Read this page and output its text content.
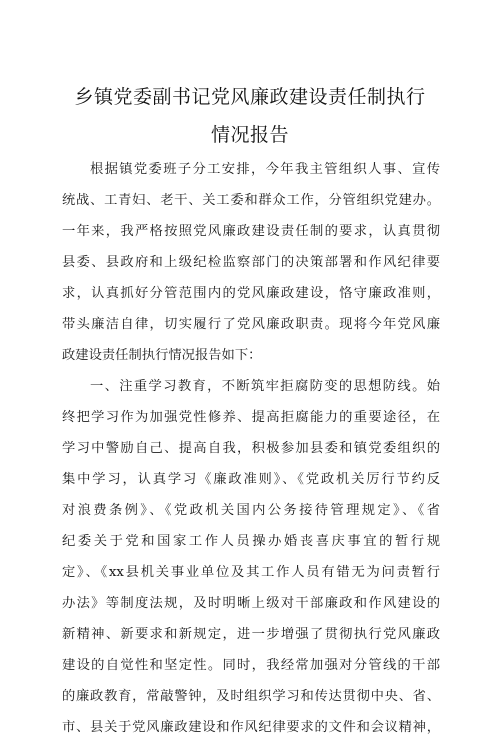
乡镇党委副书记党风廉政建设责任制执行
情况报告
根据镇党委班子分工安排，今年我主管组织人事、宣传
统战、工青妇、老干、关工委和群众工作，分管组织党建办。
一年来，我严格按照党风廉政建设责任制的要求，认真贯彻
县委、县政府和上级纪检监察部门的决策部署和作风纪律要
求，认真抓好分管范围内的党风廉政建设，恪守廉政准则，
带头廉洁自律，切实履行了党风廉政职责。现将今年党风廉
政建设责任制执行情况报告如下：
一、注重学习教育，不断筑牢拒腐防变的思想防线。始
终把学习作为加强党性修养、提高拒腐能力的重要途径，在
学习中警励自己、提高自我，积极参加县委和镇党委组织的
集中学习，认真学习《廉政准则》、《党政机关厉行节约反
对浪费条例》、《党政机关国内公务接待管理规定》、《省
纪委关于党和国家工作人员操办婚丧喜庆事宜的暂行规
定》、《xx县机关事业单位及其工作人员有错无为问责暂行
办法》等制度法规，及时明晰上级对干部廉政和作风建设的
新精神、新要求和新规定，进一步增强了贯彻执行党风廉政
建设的自觉性和坚定性。同时，我经常加强对分管线的干部
的廉政教育，常敲警钟，及时组织学习和传达贯彻中央、省、
市、县关于党风廉政建设和作风纪律要求的文件和会议精神，
